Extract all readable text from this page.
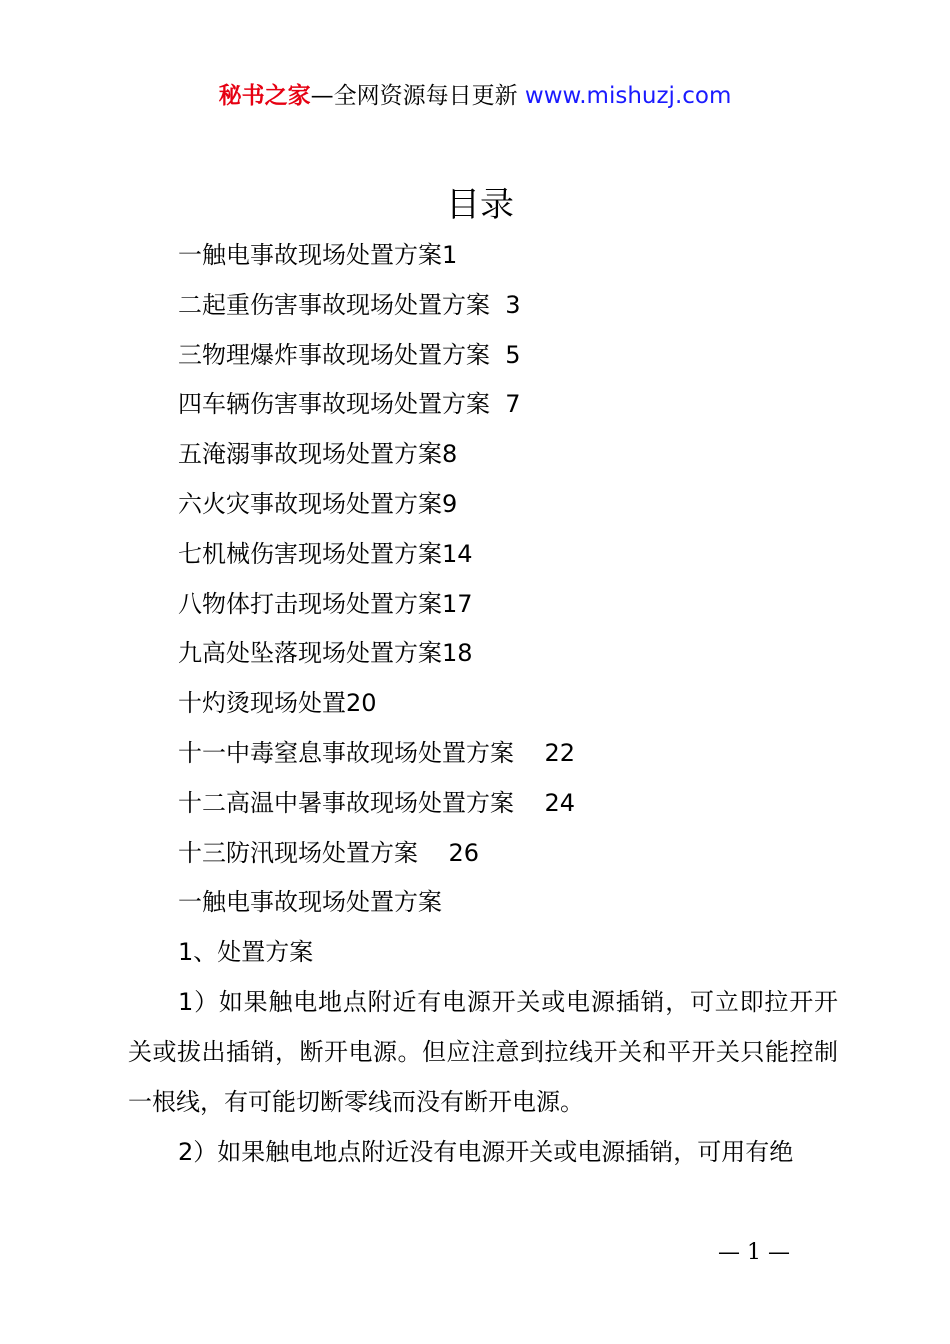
秘书之家—全网资源每日更新 www.mishuzj.com
目录
一触电事故现场处置方案1
二起重伤害事故现场处置方案  3
三物理爆炸事故现场处置方案  5
四车辆伤害事故现场处置方案  7
五淹溺事故现场处置方案8
六火灾事故现场处置方案9
七机械伤害现场处置方案14
八物体打击现场处置方案17
九高处坠落现场处置方案18
十灼烫现场处置20
十一中毒窒息事故现场处置方案    22
十二高温中暑事故现场处置方案    24
十三防汛现场处置方案    26
一触电事故现场处置方案
1、处置方案

1）如果触电地点附近有电源开关或电源插销，可立即拉开开关或拔出插销，断开电源。但应注意到拉线开关和平开关只能控制一根线，有可能切断零线而没有断开电源。

2）如果触电地点附近没有电源开关或电源插销，可用有绝

— 1 —
